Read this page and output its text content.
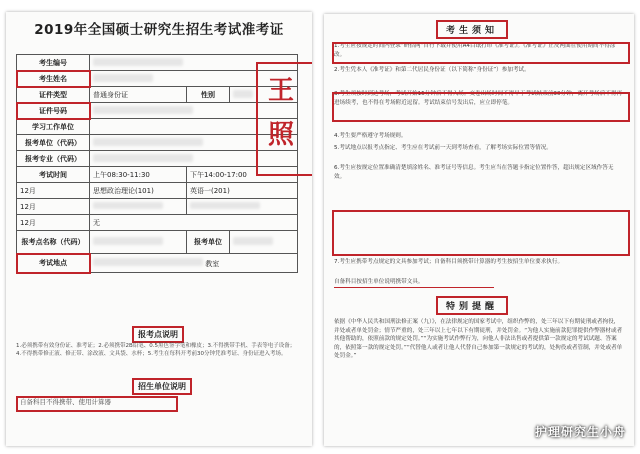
2019年全国硕士研究生招生考试准考证
考生编号			
考生姓名			
证件类型	普通身份证	性别	
证件号码			
学习工作单位			
报考单位（代码）			
报考专业（代码）			
考试时间	上午08:30-11:30	下午14:00-17:00	
12月	思想政治理论(101)	英语一(201)	
12月			
12月	无		
报考点名称（代码）		报考单位	
考试地点	教室		
王
照
报考点说明
1.必须携带有效身份证、准考证；2.必须携带2B铅笔、0.5黑色签字笔和橡皮；3.不得携带手机、手表等电子设备；4.不得携带修正液、修正带、涂改液、文具袋、水杯；5.考生在每科开考前30分钟凭准考证、身份证进入考场。
招生单位说明
自备科目不得携带、使用计算器
考生须知
1.考生应按规定时间内登录“研招网”自行下载并使用A4白纸打印《准考证》。《准考证》正反两面在使用期间不得涂改。
2.考生凭本人《准考证》和第二代居民身份证（以下简称“身份证”）参加考试。
3.考生须按时到达考场，考试开始15分钟后不得入场。交卷出场时间不得早于考试结束前30分钟，离开考场后不得再进场续考，也不得在考场附近逗留。考试结束信号发出后，应立即停笔。
4.考生要严格遵守考场规则。
5.考试地点以报考点指定、考生应在考试前一天到考场查看，了解考场实际位置等情况。
6.考生应按规定位置准确清楚填涂姓名、准考证号等信息。考生应当在答题卡指定位置作答，超出规定区域作答无效。
7.考生应携带考点规定的文具参加考试；自备科目须携带计算器的考生按招生单位要求执行。
自备科目按招生单位说明携带文具。
特别提醒
依据《中华人民共和国刑法修正案（九）》，在法律规定的国家考试中，组织作弊的，处三年以下有期徒刑或者拘役，并处或者单处罚金；情节严重的，处三年以上七年以下有期徒刑，并处罚金。“为他人实施前款犯罪提供作弊器材或者其他帮助的，依照前款的规定处罚。”“为实施考试作弊行为，向他人非法出售或者提供第一款规定的考试试题、答案的，依照第一款的规定处罚。”“代替他人或者让他人代替自己参加第一款规定的考试的，处拘役或者管制，并处或者单处罚金。”
护理研究生小舟
